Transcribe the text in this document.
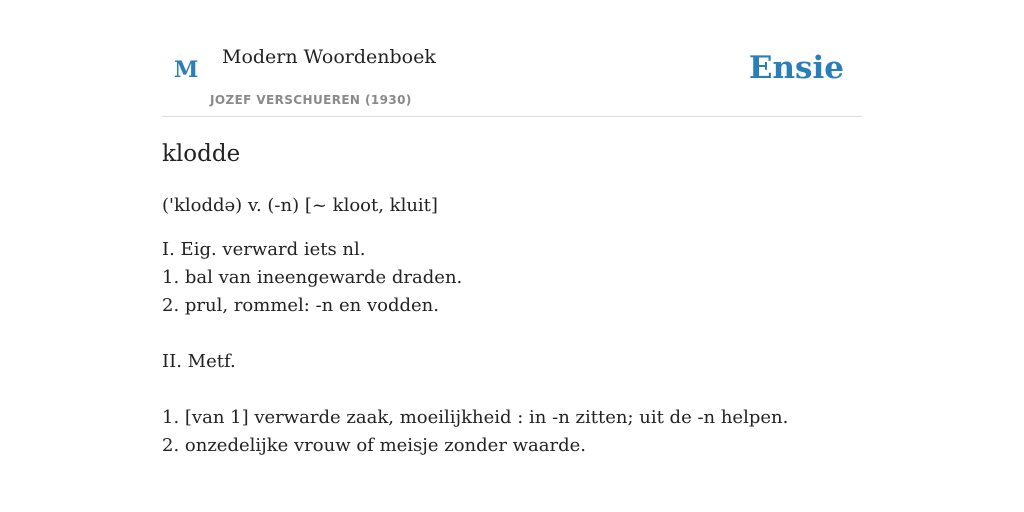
M Modern Woordenboek
JOZEF VERSCHUEREN (1930)
Ensie
klodde
('kloddə) v. (-n) [~ kloot, kluit]
I. Eig. verward iets nl.
1. bal van ineengewarde draden.
2. prul, rommel: -n en vodden.
II. Metf.
1. [van 1] verwarde zaak, moeilijkheid : in -n zitten; uit de -n helpen.
2. onzedelijke vrouw of meisje zonder waarde.
